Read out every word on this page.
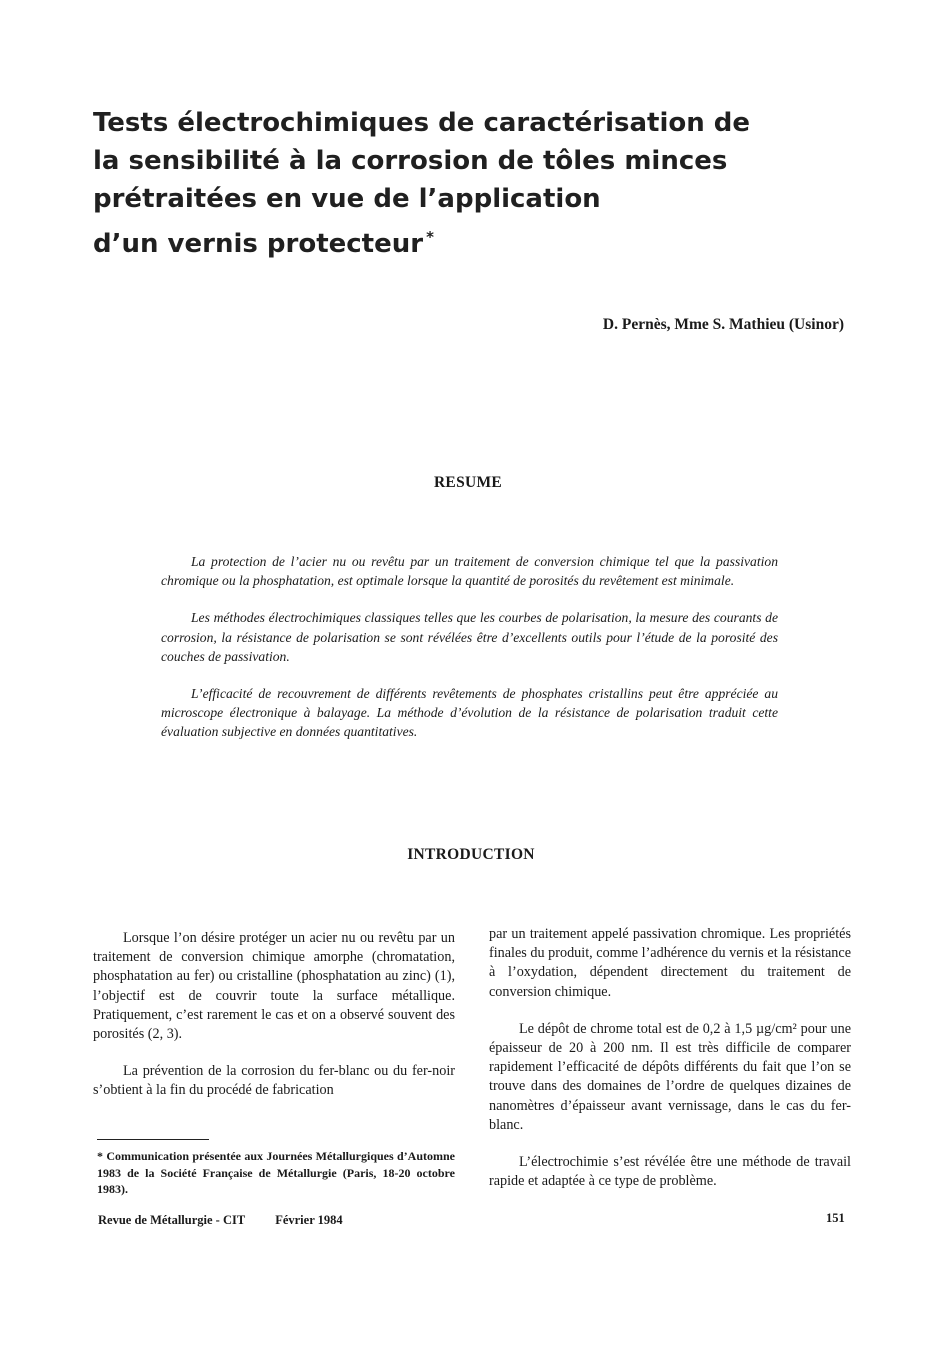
Tests électrochimiques de caractérisation de
la sensibilité à la corrosion de tôles minces
prétraitées en vue de l’application
d’un vernis protecteur *
D. Pernès, Mme S. Mathieu (Usinor)
RESUME

La protection de l’acier nu ou revêtu par un traitement de conversion chimique tel que la passivation chromique ou la phosphatation, est optimale lorsque la quantité de porosités du revêtement est minimale.

Les méthodes électrochimiques classiques telles que les courbes de polarisation, la mesure des courants de corrosion, la résistance de polarisation se sont révélées être d’excellents outils pour l’étude de la porosité des couches de passivation.

L’efficacité de recouvrement de différents revêtements de phosphates cristallins peut être appréciée au microscope électronique à balayage. La méthode d’évolution de la résistance de polarisation traduit cette évaluation subjective en données quantitatives.

INTRODUCTION

Lorsque l’on désire protéger un acier nu ou revêtu par un traitement de conversion chimique amorphe (chromatation, phosphatation au fer) ou cristalline (phosphatation au zinc) (1), l’objectif est de couvrir toute la surface métallique. Pratiquement, c’est rarement le cas et on a observé souvent des porosités (2, 3).

La prévention de la corrosion du fer-blanc ou du fer-noir s’obtient à la fin du procédé de fabrication

par un traitement appelé passivation chromique. Les propriétés finales du produit, comme l’adhérence du vernis et la résistance à l’oxydation, dépendent directement du traitement de conversion chimique.

Le dépôt de chrome total est de 0,2 à 1,5 µg/cm² pour une épaisseur de 20 à 200 nm. Il est très difficile de comparer rapidement l’efficacité de dépôts différents du fait que l’on se trouve dans des domaines de l’ordre de quelques dizaines de nanomètres d’épaisseur avant vernissage, dans le cas du fer-blanc.

L’électrochimie s’est révélée être une méthode de travail rapide et adaptée à ce type de problème.

* Communication présentée aux Journées Métallurgiques d’Automne 1983 de la Société Française de Métallurgie (Paris, 18-20 octobre 1983).
Revue de Métallurgie - CIT Février 1984	151
